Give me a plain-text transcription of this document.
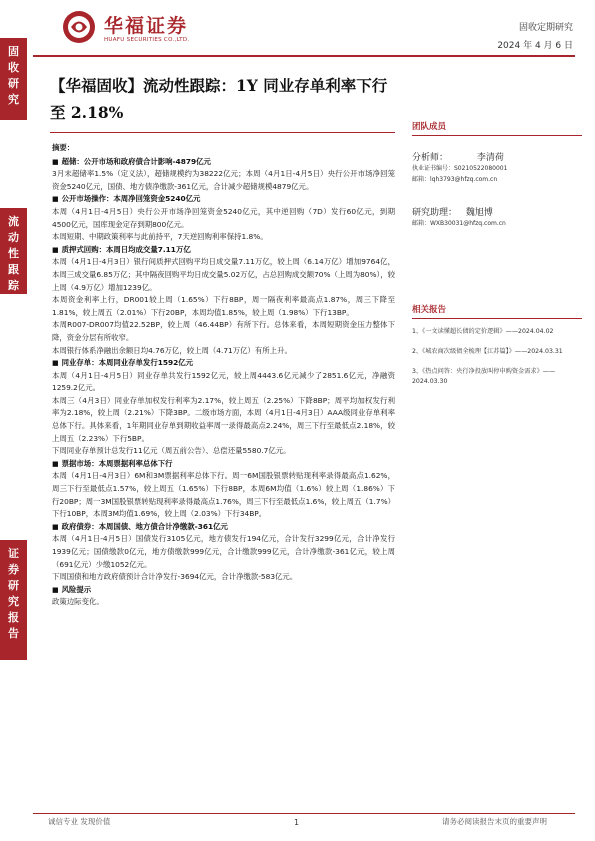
固
收
研
究
流
动
性
跟
踪
证
券
研
究
报
告
华福证券
HUAFU SECURITIES CO.,LTD.
固收定期研究
2024 年 4 月 6 日
【华福固收】流动性跟踪：1Y 同业存单利率下行至 2.18%
摘要：
■ 超储：公开市场和政府债合计影响-4879亿元

3月末超储率1.5%（定义法），超储规模约为38222亿元；本周（4月1日-4月5日）央行公开市场净回笼资金5240亿元，国债、地方债净缴款-361亿元，合计减少超储规模4879亿元。

■ 公开市场操作：本周净回笼资金5240亿元

本周（4月1日-4月5日）央行公开市场净回笼资金5240亿元，其中逆回购（7D）发行60亿元，到期4500亿元，国库现金定存到期800亿元。
本周短期、中期政策利率与此前持平，7天逆回购利率保持1.8%。

■ 质押式回购：本周日均成交量7.11万亿

本周（4月1日-4月3日）银行间质押式回购平均日成交量7.11万亿，较上周（6.14万亿）增加9764亿，本周三成交量6.85万亿；其中隔夜回购平均日成交量5.02万亿，占总回购成交额70%（上周为80%），较上周（4.9万亿）增加1239亿。
本周资金利率上行，DR001较上周（1.65%）下行8BP，周一隔夜利率最高点1.87%，周三下降至1.81%，较上周五（2.01%）下行20BP，本周均值1.85%，较上周（1.98%）下行13BP。
本周R007-DR007均值22.52BP，较上周（46.44BP）有所下行。总体来看，本周短期资金压力整体下降，资金分层有所收窄。
本周银行体系净融出余额日均4.76万亿，较上周（4.71万亿）有所上升。

■ 同业存单：本周同业存单发行1592亿元

本周（4月1日-4月5日）同业存单共发行1592亿元，较上周4443.6亿元减少了2851.6亿元，净融资1259.2亿元。
本周三（4月3日）同业存单加权发行利率为2.17%，较上周五（2.25%）下降8BP；周平均加权发行利率为2.18%，较上周（2.21%）下降3BP。二级市场方面，本周（4月1日-4月3日）AAA级同业存单利率总体下行。具体来看，1年期同业存单到期收益率周一录得最高点2.24%，周三下行至最低点2.18%，较上周五（2.23%）下行5BP。
下周同业存单预计总发行11亿元（周五前公告）、总偿还量5580.7亿元。

■ 票据市场：本周票据利率总体下行

本周（4月1日-4月3日）6M和3M票据利率总体下行。周一6M国股银票转贴现利率录得最高点1.62%，周三下行至最低点1.57%，较上周五（1.65%）下行8BP，本周6M均值（1.6%）较上周（1.86%）下行20BP；周一3M国股银票转贴现利率录得最高点1.76%，周三下行至最低点1.6%，较上周五（1.7%）下行10BP，本周3M均值1.69%，较上周（2.03%）下行34BP。

■ 政府债券：本周国债、地方债合计净缴款-361亿元

本周（4月1日-4月5日）国债发行3105亿元，地方债发行194亿元，合计发行3299亿元，合计净发行1939亿元；国债缴款0亿元，地方债缴款999亿元，合计缴款999亿元，合计净缴款-361亿元，较上周（691亿元）少缴1052亿元。
下周国债和地方政府债预计合计净发行-3694亿元，合计净缴款-583亿元。

■ 风险提示

政策边际变化。

团队成员
分析师：	李清荷
执业证书编号：S0210522080001
邮箱：lqh3793@hfzq.com.cn
研究助理： 魏旭博
邮箱：WXB30031@hfzq.com.cn
相关报告
1、《一文读懂超长债的定价逻辑》——2024.04.02
2、《城农商次级债全梳理【江苏篇】》——2024.03.31
3、《热点问答：央行净投放叫停申购资金需求》——2024.03.30
诚信专业 发现价值	1	请务必阅读报告末页的重要声明
